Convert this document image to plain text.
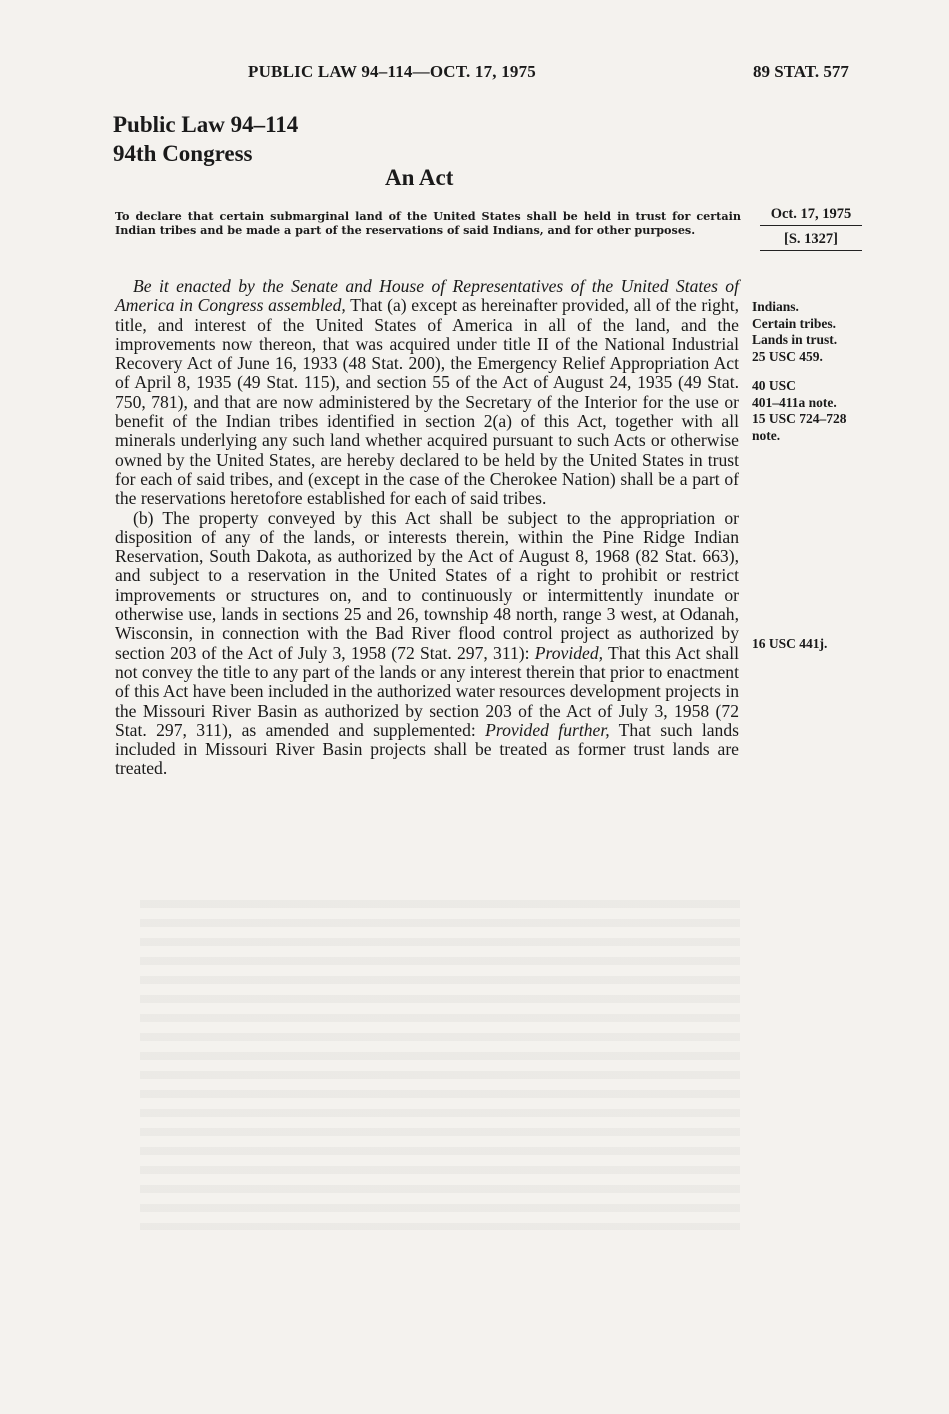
PUBLIC LAW 94–114—OCT. 17, 1975	89 STAT. 577
Public Law 94–114
94th Congress
An Act
To declare that certain submarginal land of the United States shall be held in trust for certain Indian tribes and be made a part of the reservations of said Indians, and for other purposes.
Oct. 17, 1975
[S. 1327]

Be it enacted by the Senate and House of Representatives of the United States of America in Congress assembled, That (a) except as hereinafter provided, all of the right, title, and interest of the United States of America in all of the land, and the improvements now thereon, that was acquired under title II of the National Industrial Recovery Act of June 16, 1933 (48 Stat. 200), the Emergency Relief Appropriation Act of April 8, 1935 (49 Stat. 115), and section 55 of the Act of August 24, 1935 (49 Stat. 750, 781), and that are now administered by the Secretary of the Interior for the use or benefit of the Indian tribes identified in section 2(a) of this Act, together with all minerals underlying any such land whether acquired pursuant to such Acts or otherwise owned by the United States, are hereby declared to be held by the United States in trust for each of said tribes, and (except in the case of the Cherokee Nation) shall be a part of the reservations heretofore established for each of said tribes.

(b) The property conveyed by this Act shall be subject to the appropriation or disposition of any of the lands, or interests therein, within the Pine Ridge Indian Reservation, South Dakota, as authorized by the Act of August 8, 1968 (82 Stat. 663), and subject to a reservation in the United States of a right to prohibit or restrict improvements or structures on, and to continuously or intermittently inundate or otherwise use, lands in sections 25 and 26, township 48 north, range 3 west, at Odanah, Wisconsin, in connection with the Bad River flood control project as authorized by section 203 of the Act of July 3, 1958 (72 Stat. 297, 311): Provided, That this Act shall not convey the title to any part of the lands or any interest therein that prior to enactment of this Act have been included in the authorized water resources development projects in the Missouri River Basin as authorized by section 203 of the Act of July 3, 1958 (72 Stat. 297, 311), as amended and supplemented: Provided further, That such lands included in Missouri River Basin projects shall be treated as former trust lands are treated.

Indians.
Certain tribes.
Lands in trust.
25 USC 459.
40 USC
401–411a note.
15 USC 724–728
note.
16 USC 441j.
